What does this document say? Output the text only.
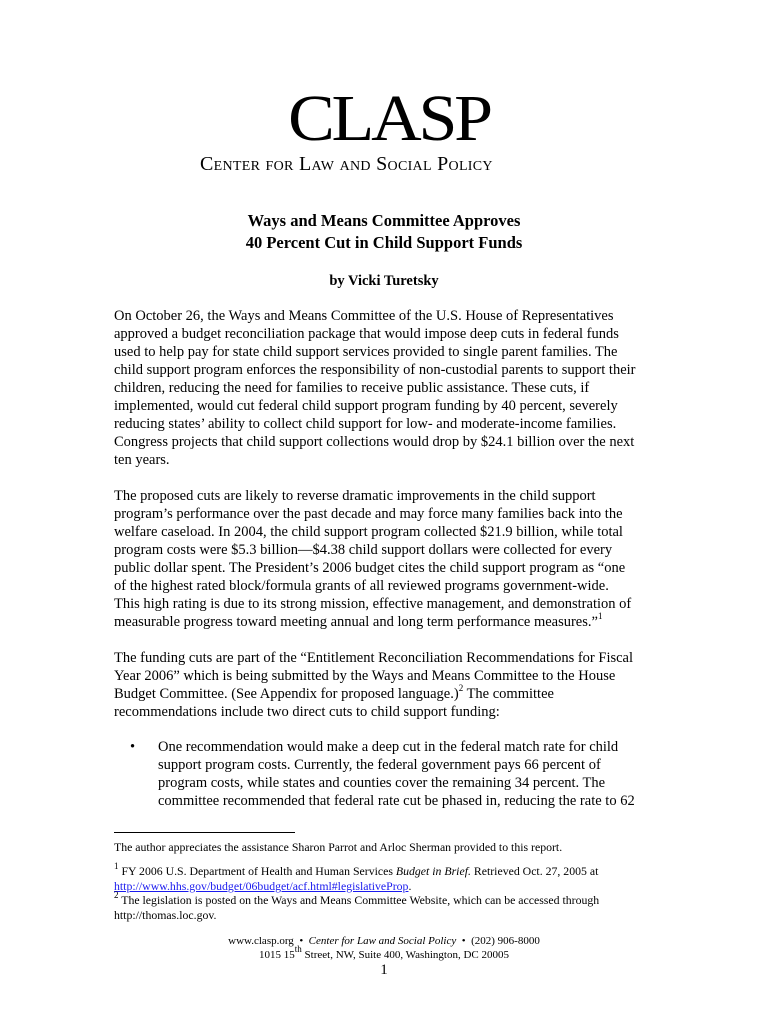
CLASP
Center for Law and Social Policy
Ways and Means Committee Approves
40 Percent Cut in Child Support Funds
by Vicki Turetsky
On October 26, the Ways and Means Committee of the U.S. House of Representatives
approved a budget reconciliation package that would impose deep cuts in federal funds
used to help pay for state child support services provided to single parent families. The
child support program enforces the responsibility of non-custodial parents to support their
children, reducing the need for families to receive public assistance. These cuts, if
implemented, would cut federal child support program funding by 40 percent, severely
reducing states’ ability to collect child support for low- and moderate-income families.
Congress projects that child support collections would drop by $24.1 billion over the next
ten years.
The proposed cuts are likely to reverse dramatic improvements in the child support
program’s performance over the past decade and may force many families back into the
welfare caseload. In 2004, the child support program collected $21.9 billion, while total
program costs were $5.3 billion—$4.38 child support dollars were collected for every
public dollar spent. The President’s 2006 budget cites the child support program as “one
of the highest rated block/formula grants of all reviewed programs government-wide.
This high rating is due to its strong mission, effective management, and demonstration of
measurable progress toward meeting annual and long term performance measures.”$^1$
The funding cuts are part of the “Entitlement Reconciliation Recommendations for Fiscal
Year 2006” which is being submitted by the Ways and Means Committee to the House
Budget Committee. (See Appendix for proposed language.)$^2$ The committee
recommendations include two direct cuts to child support funding:
• One recommendation would make a deep cut in the federal match rate for child
support program costs. Currently, the federal government pays 66 percent of
program costs, while states and counties cover the remaining 34 percent. The
committee recommended that federal rate cut be phased in, reducing the rate to 62
The author appreciates the assistance Sharon Parrot and Arloc Sherman provided to this report.
$^1$ FY 2006 U.S. Department of Health and Human Services Budget in Brief. Retrieved Oct. 27, 2005 at
http://www.hhs.gov/budget/06budget/acf.html#legislativeProp.
$^2$ The legislation is posted on the Ways and Means Committee Website, which can be accessed through
http://thomas.loc.gov.
www.clasp.org • Center for Law and Social Policy • (202) 906-8000
1015 15th Street, NW, Suite 400, Washington, DC 20005
1
